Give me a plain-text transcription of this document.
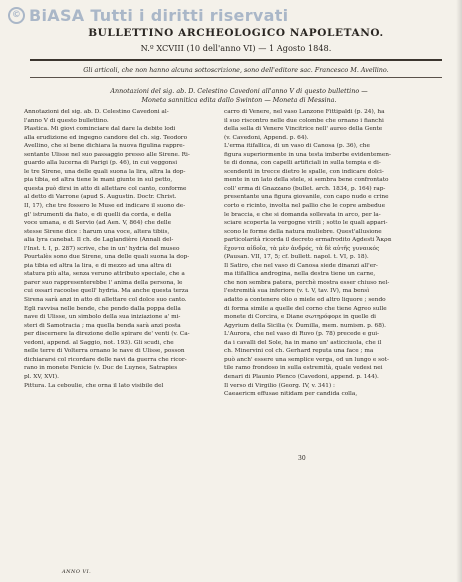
© BiASA Tutti i diritti riservati
BULLETTINO ARCHEOLOGICO NAPOLETANO.
N.º XCVIII (10 dell'anno VI) — 1 Agosto 1848.
Gli articoli, che non hanno alcuna sottoscrizione, sono dell'editore sac. Francesco M. Avellino.
Annotazioni del sig. ab. D. Celestino Cavedoni all'anno V di questo bullettino —
Moneta sannitica edita dallo Swinton — Moneta di Messina.
Annotazioni del sig. ab. D. Celestino Cavedoni al-
l'anno V di questo bullettino.
Plastica. Mi giovi cominciare dal dare la debite lodi
alla erudizione ed ingegno candore del ch. sig. Teodoro
Avellino, che si bene dichiara la nuova figulina rappre-
sentante Ulisse nel suo passaggio presso alle Sirene. Ri-
guardo alla lucerna di Parigi (p. 46), in cui veggonsi
le tre Sirene, una delle quali suona la lira, altra la dop-
pia tibia, ed altra tiene le mani giunte in sul petto,
questa può dirsi in atto di allettare col canto, conforme
al detto di Varrone (apud S. Augustin. Doctr. Christ.
II, 17), che tre fossero le Muse ed indicare il suono de-
gl' istrumenti da fiato, e di quelli da corda, e della
voce umana, e di Servio (ad Aen. V, 864) che delle
stesse Sirene dice : harum una voce, altera tibiis,
alia lyra canebat. Il ch. de Laglandière (Annali del-
l'Inst. t. I, p. 287) scrive, che in un' hydria del museo
Pourtalès sono due Sirene, una delle quali suona la dop-
pia tibia ed altra la lira, e di mezzo ad una altra di
statura più alta, senza veruno attributo speciale, che a
parer suo rappresenterebbe l' anima della persona, le
cui ossari racoolse quell' hydria. Ma anche questa terza
Sirena sarà anzi in atto di allettare col dolce suo canto.
Egli ravvisa nelle bende, che pendo dalla poppa della
nave di Ulisse, un simbolo della sua iniziazione a' mi-
steri di Samotracia ; ma quella benda sarà anzi posta
per discernere la direzione delle spirare de' venti (v. Ca-
vedoni, append. al Saggio, not. 193). Gli scudi, che
nelle terre di Volterra ornano le nave di Ulisse, posson
dichiararsi col ricordare delle navi da guerra che ricor-
rano in monete Fenicie (v. Duc de Luynes, Satrapies
pl. XV, XVI).
Pittura. La ceboulie, che orna il lato visibile del
carro di Venere, nel vaso Lanzone Fittipaldi (p. 24), ha
il suo riscontro nelle due colombe che ornano i fianchi
della sella di Venere Vincitrice nell' aureo della Gente
(v. Cavedoni, Append. p. 64).
L'erma itifallica, di un vaso di Canosa (p. 36), che
figura superiormente in una testa imberbe evidentemen-
te di donna, con capelli artificiali in sulla tempia e di-
scendenti in trecce dietro le spalle, con indicare dolci-
mente in un lato della stele, si sembra bene confrontato
coll' erma di Gnazzano (bullet. arch. 1834, p. 164) rap-
presentante una figura giovanile, con capo nudo e crine
corto e ricinto, involta nel pallio che le copre ambedue
le braccia, e che si domanda sollevata in arco, per la-
sciare scoperta la vergogne virili ; sotto le quali appari-
scono le forme della natura muliebre. Quest'allusione
particolarità ricorda il decreto ermafrodito Agdesti Ἄκρα
ἔχοντα αἰδοῖα, τὰ μὲν ἀνδρός, τὰ δὲ αὐτῆς γυναικός
(Pausan. VII, 17, 5; cf. bullett. napol. t. VI, p. 18).
Il Satiro, che nel vaso di Canosa siede dinanzi all'er-
ma itifallica androgina, nella destra tiene un carne,
che non sembra patera, perchè mostra esser chiuso nel-
l'estremità sua inferiore (v. t. V, tav. IV), ma bensì
adatto a contenere olio o miele ed altro liquore ; sendo
di forma simile a quelle del corno che tiene Agreo sulle
monete di Corcira, e Diane σωτηρόφορε in quelle di
Agyrium della Sicilia (v. Ďumilla, mem. numism. p. 68).
L'Aurora, che nel vaso di Ruvo (p. 78) precede e gui-
da i cavalli del Sole, ha in mano un' asticciuola, che il
ch. Minervini col ch. Gerhard reputa una face ; ma
può anch' essere una semplice verga, od un lungo e sot-
tile ramo frondoso in sulla estremità, quale vedesi nei
denari di Plaunio Plenco (Cavedoni, append. p. 144).
Il verso di Virgilio (Georg. IV, v. 341) :
Caeaericm effusae nitidam per candida colla,
30
ANNO VI.
